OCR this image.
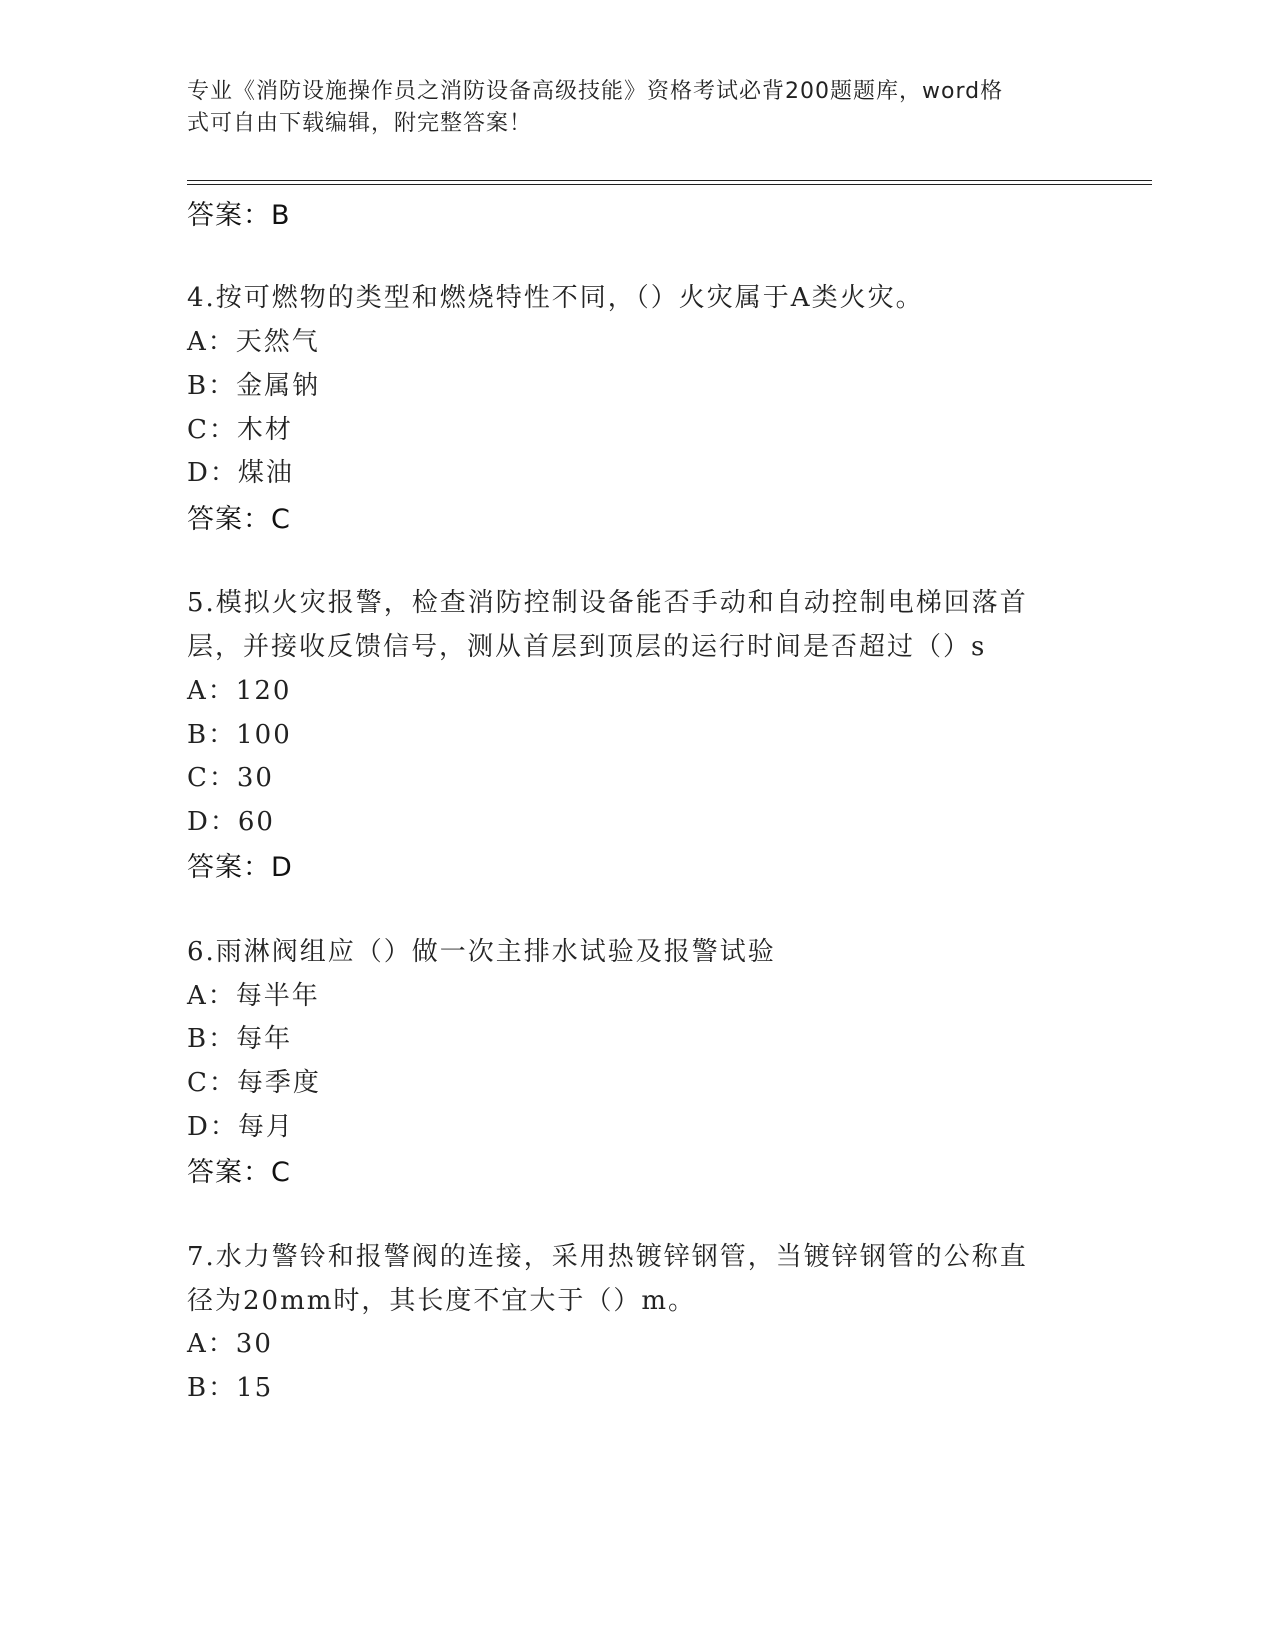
专业《消防设施操作员之消防设备高级技能》资格考试必背200题题库，word格
式可自由下载编辑，附完整答案！
答案：B
4.按可燃物的类型和燃烧特性不同，（）火灾属于A类火灾。
A：天然气
B：金属钠
C：木材
D：煤油
答案：C
5.模拟火灾报警，检查消防控制设备能否手动和自动控制电梯回落首
层，并接收反馈信号，测从首层到顶层的运行时间是否超过（）s
A：120
B：100
C：30
D：60
答案：D
6.雨淋阀组应（）做一次主排水试验及报警试验
A：每半年
B：每年
C：每季度
D：每月
答案：C
7.水力警铃和报警阀的连接，采用热镀锌钢管，当镀锌钢管的公称直
径为20mm时，其长度不宜大于（）m。
A：30
B：15
